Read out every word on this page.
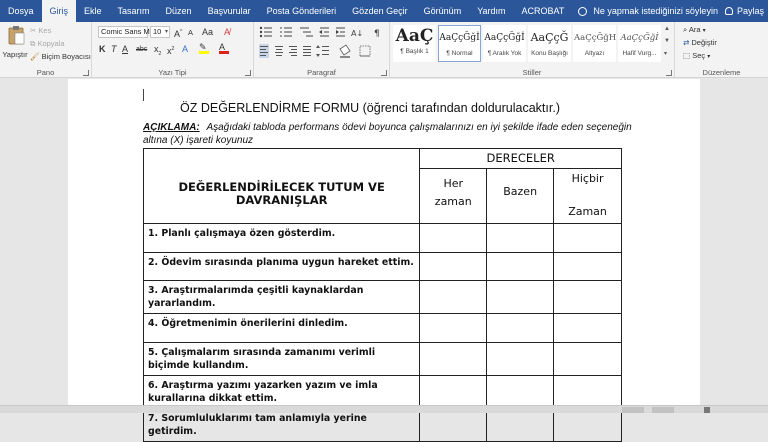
Dosya	Giriş	Ekle	Tasarım	Düzen	Başvurular	Posta Gönderileri	Gözden Geçir	Görünüm	Yardım	ACROBAT	Ne yapmak istediğinizi söyleyin Paylaş
Yapıştır
✂ Kes
⧉ Kopyala
🖌 Biçim Boyacısı
Pano
Comic Sans M 10 ▾ A^ A Aa A̸
K T A abc $x_2$ $x^2$ A ✎ A
Yazı Tipi
A↓ ¶
Paragraf
AaÇ
¶ Başlık 1
AaÇçĞğİ
¶ Normal
AaÇçĞğİ
¶ Aralık Yok
AaÇçĞ
Konu Başlığı
AaÇçĞğH
Altyazı
AaÇçĞğİ
Hafif Vurg...
▲
▼
▾
Stiller
⌕ Ara ▾
⇄ Değiştir
⬚ Seç ▾
Düzenleme
ÖZ DEĞERLENDİRME FORMU (öğrenci tarafından doldurulacaktır.)
AÇIKLAMA: Aşağıdaki tabloda performans ödevi boyunca çalışmalarınızı en iyi şekilde ifade eden seçeneğin altına (X) işareti koyunuz
DEĞERLENDİRİLECEK TUTUM VE DAVRANIŞLAR	DERECELER		
	Her zaman	Bazen	Hiçbir
Zaman

1. Planlı çalışmaya özen gösterdim.			
2. Ödevim sırasında planıma uygun hareket ettim.			
3. Araştırmalarımda çeşitli kaynaklardan yararlandım.			
4. Öğretmenimin önerilerini dinledim.			
5. Çalışmalarım sırasında zamanımı verimli biçimde kullandım.			
6. Araştırma yazımı yazarken yazım ve imla kurallarına dikkat ettim.			
7. Sorumluluklarımı tam anlamıyla yerine getirdim.			
